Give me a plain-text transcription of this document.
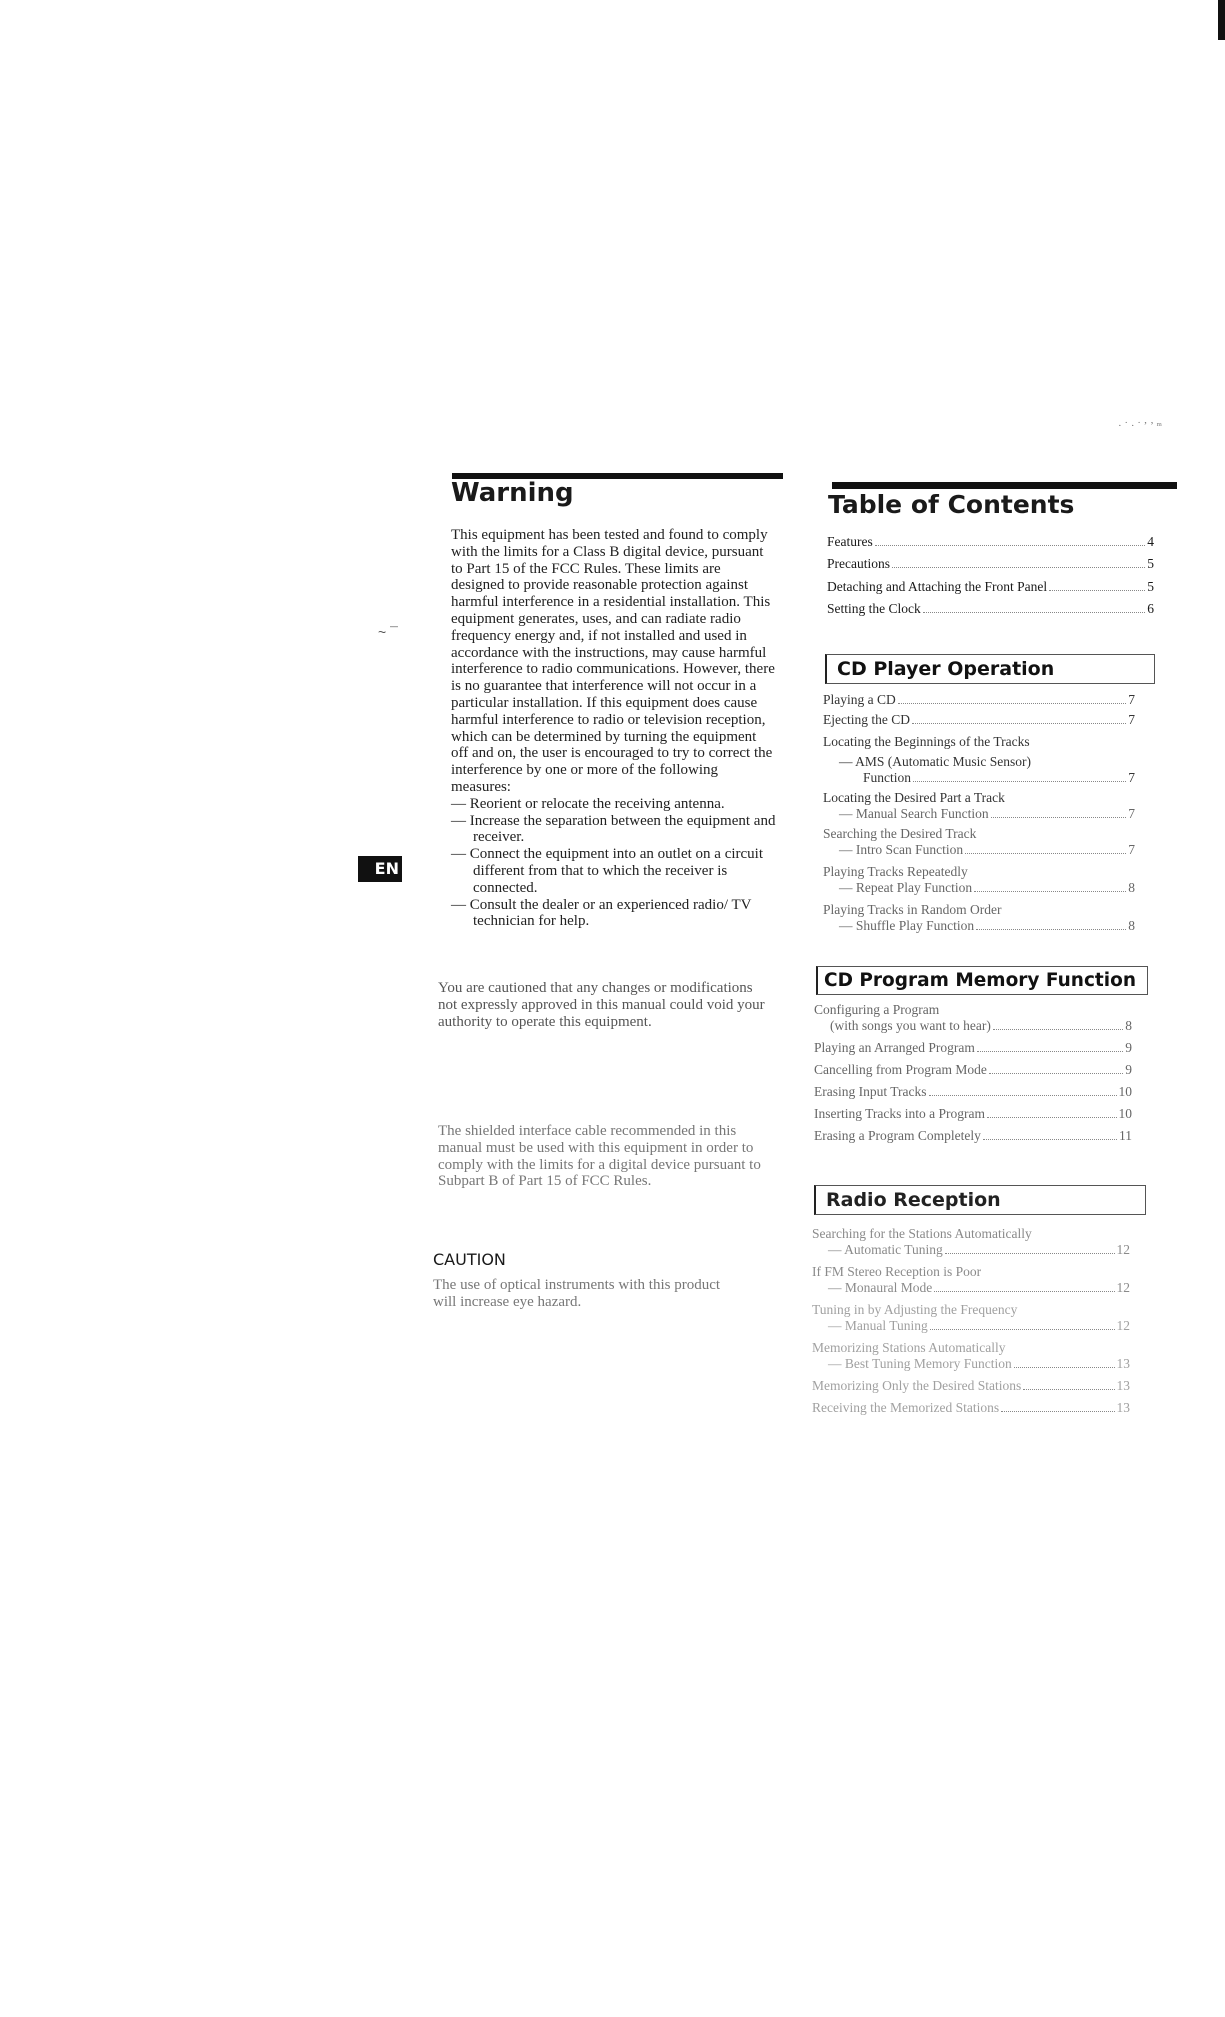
· ˙ · ˙ ʼ ʼ ᵐ
~ ¯
Warning

This equipment has been tested and found to comply with the limits for a Class B digital device, pursuant to Part 15 of the FCC Rules. These limits are designed to provide reasonable protection against harmful interference in a residential installation. This equipment generates, uses, and can radiate radio frequency energy and, if not installed and used in accordance with the instructions, may cause harmful interference to radio communications. However, there is no guarantee that interference will not occur in a particular installation. If this equipment does cause harmful interference to radio or television reception, which can be determined by turning the equipment off and on, the user is encouraged to try to correct the interference by one or more of the following measures:

— Reorient or relocate the receiving antenna.

— Increase the separation between the equipment and receiver.

— Connect the equipment into an outlet on a circuit different from that to which the receiver is connected.

— Consult the dealer or an experienced radio/ TV technician for help.

You are cautioned that any changes or modifications not expressly approved in this manual could void your authority to operate this equipment.
The shielded interface cable recommended in this manual must be used with this equipment in order to comply with the limits for a digital device pursuant to Subpart B of Part 15 of FCC Rules.
CAUTION
The use of optical instruments with this product will increase eye hazard.
EN
Table of Contents
Features	4
Precautions	5
Detaching and Attaching the Front Panel	5
Setting the Clock	6
CD Player Operation
Playing a CD	7
Ejecting the CD	7
Locating the Beginnings of the Tracks
— AMS (Automatic Music Sensor)
Function	7
Locating the Desired Part a Track
— Manual Search Function	7
Searching the Desired Track
— Intro Scan Function	7
Playing Tracks Repeatedly
— Repeat Play Function	8
Playing Tracks in Random Order
— Shuffle Play Function	8
CD Program Memory Function
Configuring a Program
(with songs you want to hear)	8
Playing an Arranged Program	9
Cancelling from Program Mode	9
Erasing Input Tracks	10
Inserting Tracks into a Program	10
Erasing a Program Completely	11
Radio Reception
Searching for the Stations Automatically
— Automatic Tuning	12
If FM Stereo Reception is Poor
— Monaural Mode	12
Tuning in by Adjusting the Frequency
— Manual Tuning	12
Memorizing Stations Automatically
— Best Tuning Memory Function	13
Memorizing Only the Desired Stations	13
Receiving the Memorized Stations	13
